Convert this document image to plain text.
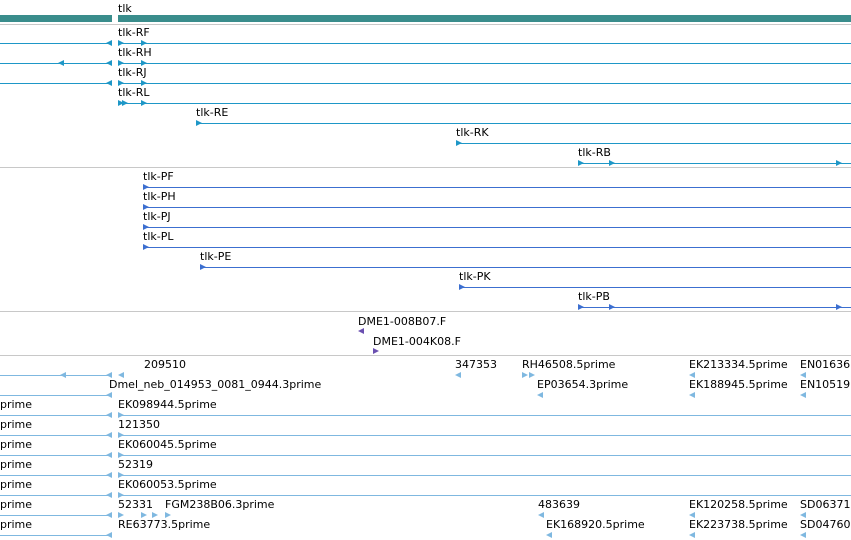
tlk
tlk-RF
tlk-RH
tlk-RJ
tlk-RL
tlk-RE
tlk-RK
tlk-RB
tlk-PF
tlk-PH
tlk-PJ
tlk-PL
tlk-PE
tlk-PK
tlk-PB
DME1-008B07.F
DME1-004K08.F
209510	347353 RH46508.5prime	EK213334.5prime EN01636
Dmel_neb_014953_0081_0944.3prime	EP03654.3prime	EK188945.5prime EN10519
prime	EK098944.5prime
prime	121350
prime	EK060045.5prime
prime	52319
prime	EK060053.5prime
prime	52331 FGM238B06.3prime	483639	EK120258.5prime SD06371
prime	RE63773.5prime	EK168920.5prime	EK223738.5prime SD04760
